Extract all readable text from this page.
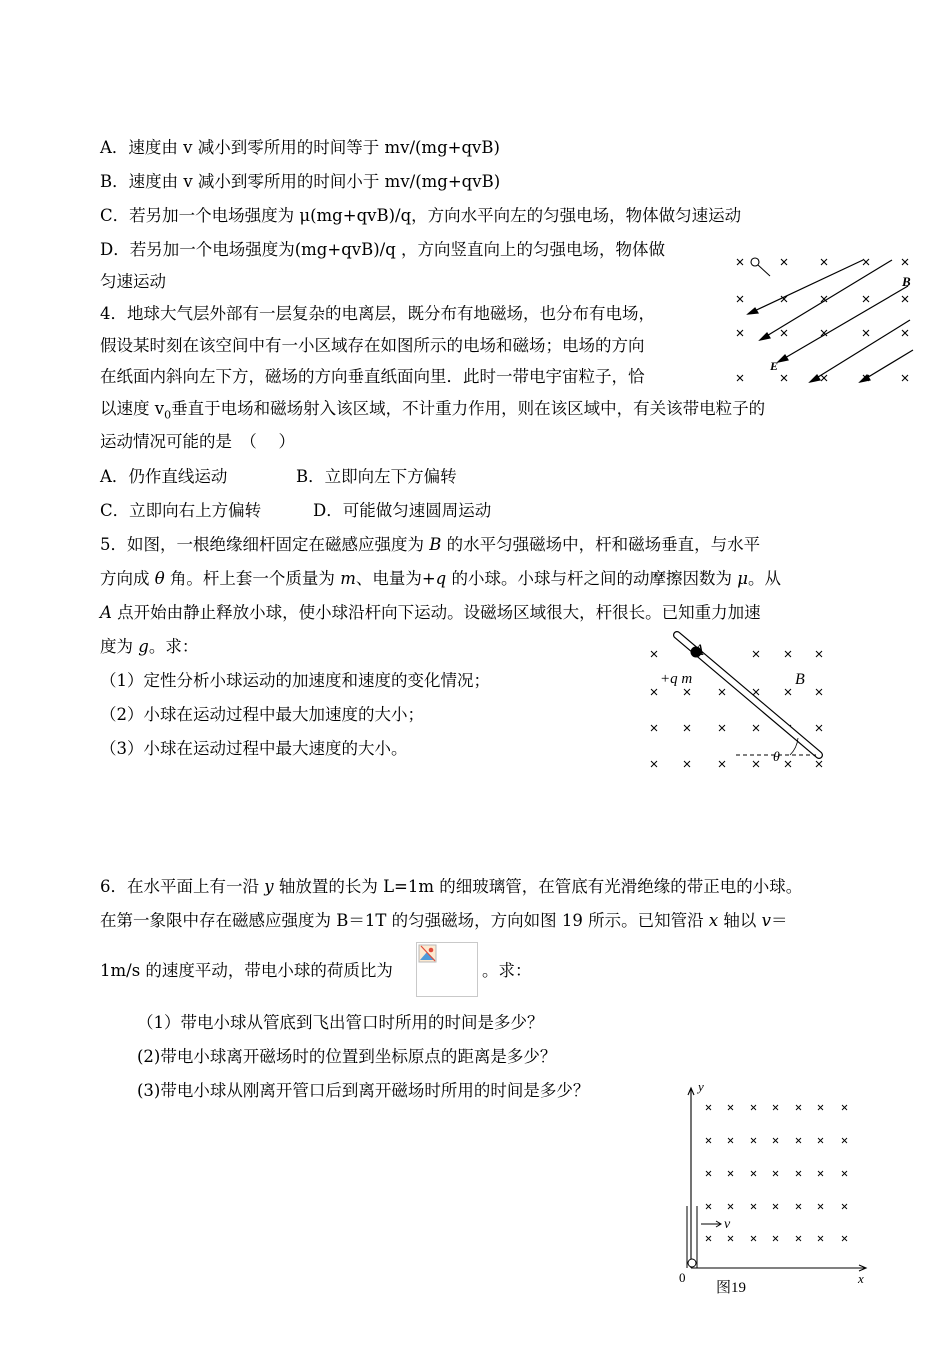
A．速度由 v 减小到零所用的时间等于 mv/(mg+qvB)
B．速度由 v 减小到零所用的时间小于 mv/(mg+qvB)
C．若另加一个电场强度为 μ(mg+qvB)/q，方向水平向左的匀强电场，物体做匀速运动
D．若另加一个电场强度为(mg+qvB)/q ，方向竖直向上的匀强电场，物体做
匀速运动
4．地球大气层外部有一层复杂的电离层，既分布有地磁场，也分布有电场，
假设某时刻在该空间中有一小区域存在如图所示的电场和磁场；电场的方向
在纸面内斜向左下方，磁场的方向垂直纸面向里．此时一带电宇宙粒子，恰
以速度 $v_0$垂直于电场和磁场射入该区域，不计重力作用，则在该区域中，有关该带电粒子的
运动情况可能的是　（　 ）
A．仍作直线运动	B．立即向左下方偏转
C．立即向右上方偏转	D．可能做匀速圆周运动
B
E
5．如图，一根绝缘细杆固定在磁感应强度为 B 的水平匀强磁场中，杆和磁场垂直，与水平
方向成 θ 角。杆上套一个质量为 m、电量为+q 的小球。小球与杆之间的动摩擦因数为 μ。从
A 点开始由静止释放小球，使小球沿杆向下运动。设磁场区域很大，杆很长。已知重力加速
度为 g。求：
（1）定性分析小球运动的加速度和速度的变化情况；
（2）小球在运动过程中最大加速度的大小；
（3）小球在运动过程中最大速度的大小。
A
+q m	B
θ
6．在水平面上有一沿 y 轴放置的长为 L=1m 的细玻璃管，在管底有光滑绝缘的带正电的小球。
在第一象限中存在磁感应强度为 B＝1T 的匀强磁场，方向如图 19 所示。已知管沿 x 轴以 v＝
1m/s 的速度平动，带电小球的荷质比为	。求：
（1）带电小球从管底到飞出管口时所用的时间是多少？
(2)带电小球离开磁场时的位置到坐标原点的距离是多少？
(3)带电小球从刚离开管口后到离开磁场时所用的时间是多少？
v
y
x
0
图19
